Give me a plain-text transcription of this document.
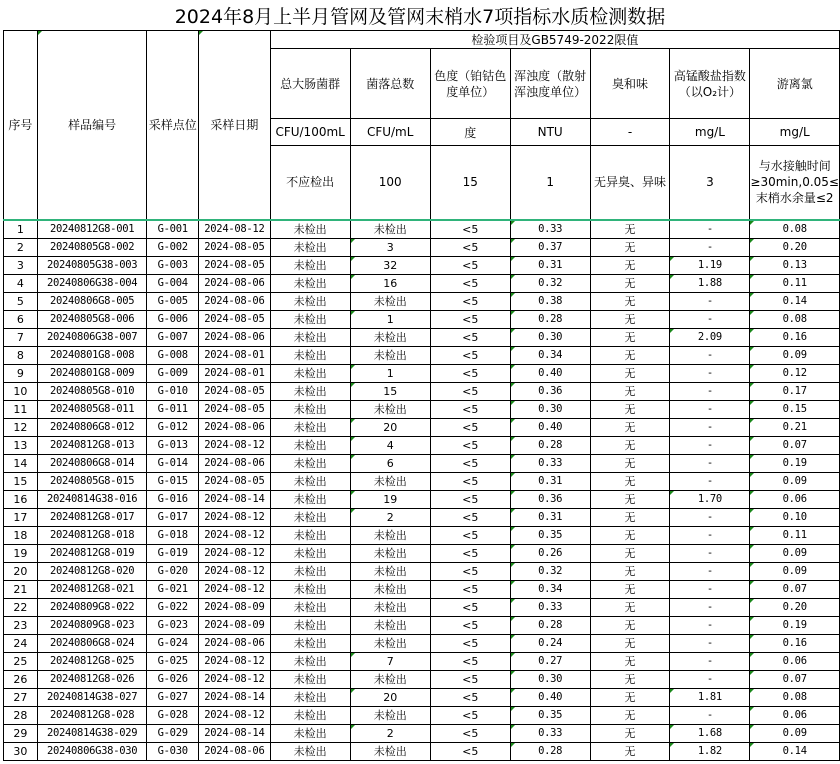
2024年8月上半月管网及管网末梢水7项指标水质检测数据
序号	样品编号	采样点位	采样日期	检验项目及GB5749-2022限值						
				总大肠菌群	菌落总数	色度（铂钴色度单位）	浑浊度（散射浑浊度单位）	臭和味	高锰酸盐指数（以O₂计）	游离氯
				CFU/100mL	CFU/mL	度	NTU	-	mg/L	mg/L
				不应检出	100	15	1	无异臭、异味	3	与水接触时间≥30min,0.05≤末梢水余量≤2
1	20240812G8-001	G-001	2024-08-12	未检出	未检出	<5	0.33	无	-	0.08
2	20240805G8-002	G-002	2024-08-05	未检出	3	<5	0.37	无	-	0.20
3	20240805G38-003	G-003	2024-08-05	未检出	32	<5	0.31	无	1.19	0.13
4	20240806G38-004	G-004	2024-08-06	未检出	16	<5	0.32	无	1.88	0.11
5	20240806G8-005	G-005	2024-08-06	未检出	未检出	<5	0.38	无	-	0.14
6	20240805G8-006	G-006	2024-08-05	未检出	1	<5	0.28	无	-	0.08
7	20240806G38-007	G-007	2024-08-06	未检出	未检出	<5	0.30	无	2.09	0.16
8	20240801G8-008	G-008	2024-08-01	未检出	未检出	<5	0.34	无	-	0.09
9	20240801G8-009	G-009	2024-08-01	未检出	1	<5	0.40	无	-	0.12
10	20240805G8-010	G-010	2024-08-05	未检出	15	<5	0.36	无	-	0.17
11	20240805G8-011	G-011	2024-08-05	未检出	未检出	<5	0.30	无	-	0.15
12	20240806G8-012	G-012	2024-08-06	未检出	20	<5	0.40	无	-	0.21
13	20240812G8-013	G-013	2024-08-12	未检出	4	<5	0.28	无	-	0.07
14	20240806G8-014	G-014	2024-08-06	未检出	6	<5	0.33	无	-	0.19
15	20240805G8-015	G-015	2024-08-05	未检出	未检出	<5	0.31	无	-	0.09
16	20240814G38-016	G-016	2024-08-14	未检出	19	<5	0.36	无	1.70	0.06
17	20240812G8-017	G-017	2024-08-12	未检出	2	<5	0.31	无	-	0.10
18	20240812G8-018	G-018	2024-08-12	未检出	未检出	<5	0.35	无	-	0.11
19	20240812G8-019	G-019	2024-08-12	未检出	未检出	<5	0.26	无	-	0.09
20	20240812G8-020	G-020	2024-08-12	未检出	未检出	<5	0.32	无	-	0.09
21	20240812G8-021	G-021	2024-08-12	未检出	未检出	<5	0.34	无	-	0.07
22	20240809G8-022	G-022	2024-08-09	未检出	未检出	<5	0.33	无	-	0.20
23	20240809G8-023	G-023	2024-08-09	未检出	未检出	<5	0.28	无	-	0.19
24	20240806G8-024	G-024	2024-08-06	未检出	未检出	<5	0.24	无	-	0.16
25	20240812G8-025	G-025	2024-08-12	未检出	7	<5	0.27	无	-	0.06
26	20240812G8-026	G-026	2024-08-12	未检出	未检出	<5	0.30	无	-	0.07
27	20240814G38-027	G-027	2024-08-14	未检出	20	<5	0.40	无	1.81	0.08
28	20240812G8-028	G-028	2024-08-12	未检出	未检出	<5	0.35	无	-	0.06
29	20240814G38-029	G-029	2024-08-14	未检出	2	<5	0.33	无	1.68	0.09
30	20240806G38-030	G-030	2024-08-06	未检出	未检出	<5	0.28	无	1.82	0.14
